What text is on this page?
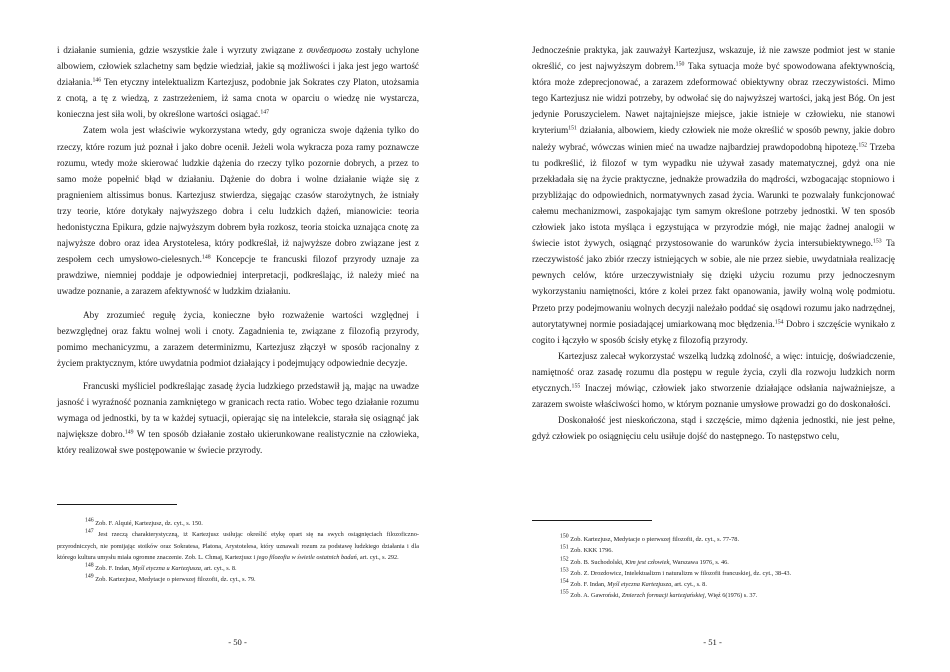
i działanie sumienia, gdzie wszystkie żale i wyrzuty związane z συνδεσμοσω zostały uchylone albowiem, człowiek szlachetny sam będzie wiedział, jakie są możliwości i jaka jest jego wartość działania.$^{146}$ Ten etyczny intelektualizm Kartezjusz, podobnie jak Sokrates czy Platon, utożsamia z cnotą, a tę z wiedzą, z zastrzeżeniem, iż sama cnota w oparciu o wiedzę nie wystarcza, konieczna jest siła woli, by określone wartości osiągać.$^{147}$

Zatem wola jest właściwie wykorzystana wtedy, gdy ogranicza swoje dążenia tylko do rzeczy, które rozum już poznał i jako dobre ocenił. Jeżeli wola wykracza poza ramy poznawcze rozumu, wtedy może skierować ludzkie dążenia do rzeczy tylko pozornie dobrych, a przez to samo może popełnić błąd w działaniu. Dążenie do dobra i wolne działanie wiąże się z pragnieniem altissimus bonus. Kartezjusz stwierdza, sięgając czasów starożytnych, że istniały trzy teorie, które dotykały najwyższego dobra i celu ludzkich dążeń, mianowicie: teoria hedonistyczna Epikura, gdzie najwyższym dobrem była rozkosz, teoria stoicka uznająca cnotę za najwyższe dobro oraz idea Arystotelesa, który podkreślał, iż najwyższe dobro związane jest z zespołem cech umysłowo-cielesnych.$^{148}$ Koncepcje te francuski filozof przyrody uznaje za prawdziwe, niemniej poddaje je odpowiedniej interpretacji, podkreślając, iż należy mieć na uwadze poznanie, a zarazem afektywność w ludzkim działaniu.

Aby zrozumieć regułę życia, konieczne było rozważenie wartości względnej i bezwzględnej oraz faktu wolnej woli i cnoty. Zagadnienia te, związane z filozofią przyrody, pomimo mechanicyzmu, a zarazem determinizmu, Kartezjusz złączył w sposób racjonalny z życiem praktycznym, które uwydatnia podmiot działający i podejmujący odpowiednie decyzje.

Francuski myśliciel podkreślając zasadę życia ludzkiego przedstawił ją, mając na uwadze jasność i wyraźność poznania zamkniętego w granicach recta ratio. Wobec tego działanie rozumu wymaga od jednostki, by ta w każdej sytuacji, opierając się na intelekcie, starała się osiągnąć jak największe dobro.$^{149}$ W ten sposób działanie zostało ukierunkowane realistycznie na człowieka, który realizował swe postępowanie w świecie przyrody.

$^{146}$ Zob. F. Alquié, Kartezjusz, dz. cyt., s. 150.

$^{147}$ Jest rzeczą charakterystyczną, iż Kartezjusz usiłując określić etykę opart się na swych osiągnięciach filozoficzno-przyrodniczych, nie pomijając stoików oraz Sokratesa, Platona, Arystotelesa, który uznawali rozum za podstawę ludzkiego działania i dla którego kultura umysłu miała ogromne znaczenie. Zob. L. Chmaj, Kartezjusz i jego filozofia w świetle ostatnich badań, art. cyt., s. 292.

$^{148}$ Zob. F. Indan, Myśl etyczna u Kartezjusza, art. cyt., s. 8.

$^{149}$ Zob. Kartezjusz, Medytacje o pierwszej filozofii, dz. cyt., s. 79.

- 50 -

Jednocześnie praktyka, jak zauważył Kartezjusz, wskazuje, iż nie zawsze podmiot jest w stanie określić, co jest najwyższym dobrem.$^{150}$ Taka sytuacja może być spowodowana afektywnością, która może zdeprecjonować, a zarazem zdeformować obiektywny obraz rzeczywistości. Mimo tego Kartezjusz nie widzi potrzeby, by odwołać się do najwyższej wartości, jaką jest Bóg. On jest jedynie Poruszycielem. Nawet najtajniejsze miejsce, jakie istnieje w człowieku, nie stanowi kryterium$^{151}$ działania, albowiem, kiedy człowiek nie może określić w sposób pewny, jakie dobro należy wybrać, wówczas winien mieć na uwadze najbardziej prawdopodobną hipotezę.$^{152}$ Trzeba tu podkreślić, iż filozof w tym wypadku nie używał zasady matematycznej, gdyż ona nie przekładała się na życie praktyczne, jednakże prowadziła do mądrości, wzbogacając stopniowo i przybliżając do odpowiednich, normatywnych zasad życia. Warunki te pozwalały funkcjonować całemu mechanizmowi, zaspokajając tym samym określone potrzeby jednostki. W ten sposób człowiek jako istota myśląca i egzystująca w przyrodzie mógł, nie mając żadnej analogii w świecie istot żywych, osiągnąć przystosowanie do warunków życia intersubiektywnego.$^{153}$ Ta rzeczywistość jako zbiór rzeczy istniejących w sobie, ale nie przez siebie, uwydatniała realizację pewnych celów, które urzeczywistniały się dzięki użyciu rozumu przy jednoczesnym wykorzystaniu namiętności, które z kolei przez fakt opanowania, jawiły wolną wolę podmiotu. Przeto przy podejmowaniu wolnych decyzji należało poddać się osądowi rozumu jako nadrzędnej, autorytatywnej normie posiadającej umiarkowaną moc błędzenia.$^{154}$ Dobro i szczęście wynikało z cogito i łączyło w sposób ścisły etykę z filozofią przyrody.

Kartezjusz zalecał wykorzystać wszelką ludzką zdolność, a więc: intuicję, doświadczenie, namiętność oraz zasadę rozumu dla postępu w regule życia, czyli dla rozwoju ludzkich norm etycznych.$^{155}$ Inaczej mówiąc, człowiek jako stworzenie działające odsłania najważniejsze, a zarazem swoiste właściwości homo, w którym poznanie umysłowe prowadzi go do doskonałości.

Doskonałość jest nieskończona, stąd i szczęście, mimo dążenia jednostki, nie jest pełne, gdyż człowiek po osiągnięciu celu usiłuje dojść do następnego. To następstwo celu,

$^{150}$ Zob. Kartezjusz, Medytacje o pierwszej filozofii, dz. cyt., s. 77-78.

$^{151}$ Zob. KKK 1796.

$^{152}$ Zob. B. Suchodolski, Kim jest człowiek, Warszawa 1976, s. 46.

$^{153}$ Zob. Z. Drozdowicz, Intelektualizm i naturalizm w filozofii francuskiej, dz. cyt., 38-43.

$^{154}$ Zob. F. Indan, Myśl etyczna Kartezjusza, art. cyt., s. 8.

$^{155}$ Zob. A. Gawroński, Zmierzch formacji kartezjańskiej, Więź 6(1976) s. 37.

- 51 -
